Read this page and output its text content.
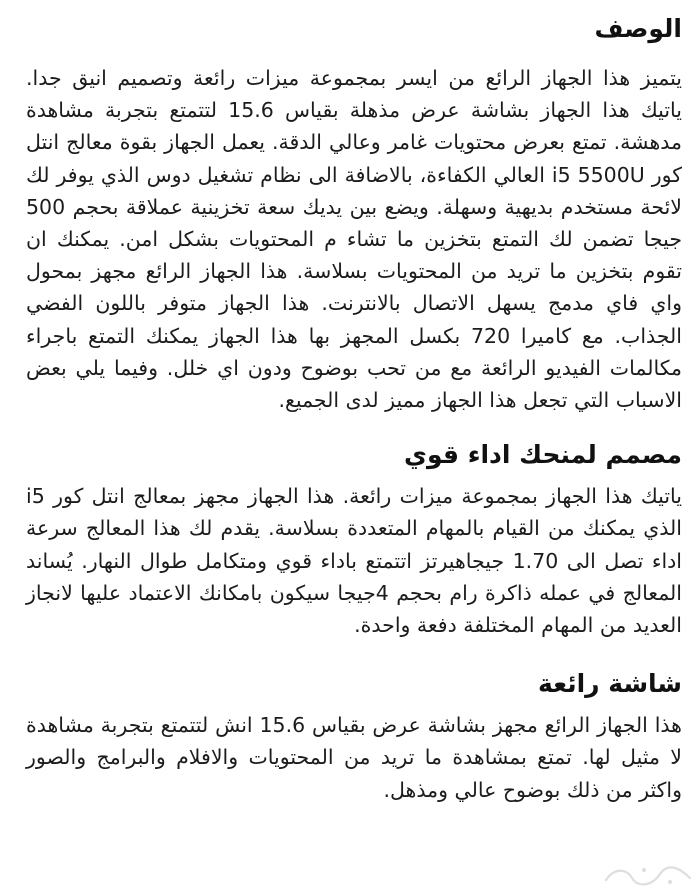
الوصف

يتميز هذا الجهاز الرائع من ايسر بمجموعة ميزات رائعة وتصميم انيق جدا. ياتيك هذا الجهاز بشاشة عرض مذهلة بقياس 15.6 لتتمتع بتجربة مشاهدة مدهشة. تمتع بعرض محتويات غامر وعالي الدقة. يعمل الجهاز بقوة معالج انتل كور i5 5500U العالي الكفاءة، بالاضافة الى نظام تشغيل دوس الذي يوفر لك لائحة مستخدم بديهية وسهلة. ويضع بين يديك سعة تخزينية عملاقة بحجم 500 جيجا تضمن لك التمتع بتخزين ما تشاء م المحتويات بشكل امن. يمكنك ان تقوم بتخزين ما تريد من المحتويات بسلاسة. هذا الجهاز الرائع مجهز بمحول واي فاي مدمج يسهل الاتصال بالانترنت. هذا الجهاز متوفر باللون الفضي الجذاب. مع كاميرا 720 بكسل المجهز بها هذا الجهاز يمكنك التمتع باجراء مكالمات الفيديو الرائعة مع من تحب بوضوح ودون اي خلل. وفيما يلي بعض الاسباب التي تجعل هذا الجهاز مميز لدى الجميع.

مصمم لمنحك اداء قوي

ياتيك هذا الجهاز بمجموعة ميزات رائعة. هذا الجهاز مجهز بمعالج انتل كور i5 الذي يمكنك من القيام بالمهام المتعددة بسلاسة. يقدم لك هذا المعالج سرعة اداء تصل الى 1.70 جيجاهيرتز اتتمتع باداء قوي ومتكامل طوال النهار. يُساند المعالج في عمله ذاكرة رام بحجم 4جيجا سيكون بامكانك الاعتماد عليها لانجاز العديد من المهام المختلفة دفعة واحدة.

شاشة رائعة

هذا الجهاز الرائع مجهز بشاشة عرض بقياس 15.6 انش لتتمتع بتجربة مشاهدة لا مثيل لها. تمتع بمشاهدة ما تريد من المحتويات والافلام والبرامج والصور واكثر من ذلك بوضوح عالي ومذهل.
